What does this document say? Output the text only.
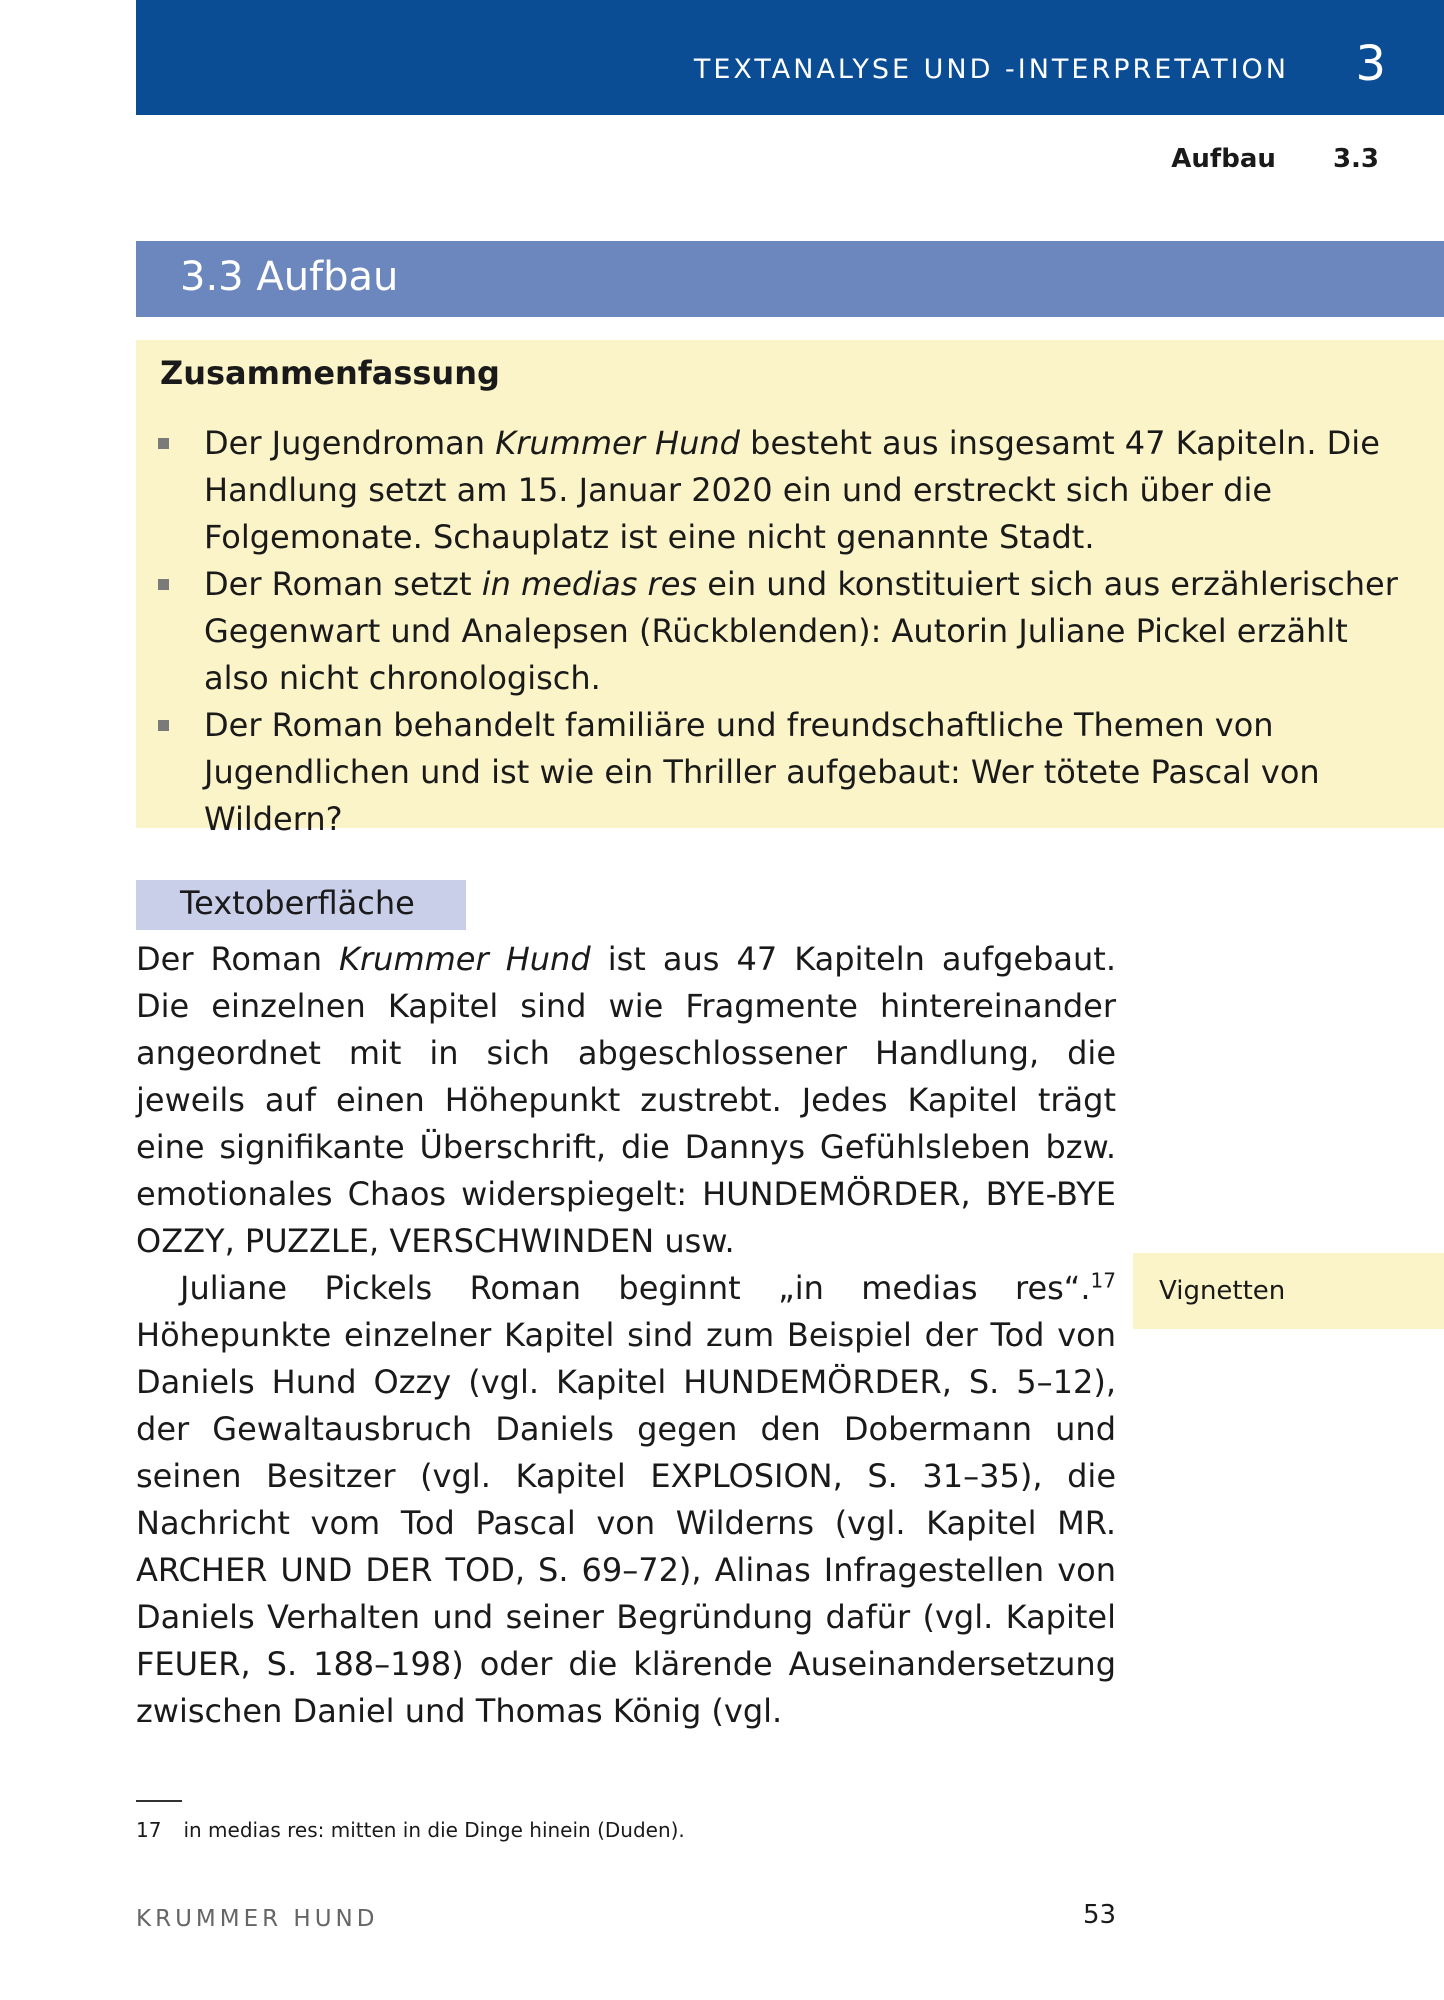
TEXTANALYSE UND -INTERPRETATION 3
Aufbau 3.3
3.3 Aufbau
Zusammenfassung
Der Jugendroman Krummer Hund besteht aus insgesamt 47 Kapiteln. Die Handlung setzt am 15. Januar 2020 ein und erstreckt sich über die Folgemonate. Schauplatz ist eine nicht genannte Stadt.
Der Roman setzt in medias res ein und konstituiert sich aus erzählerischer Gegenwart und Analepsen (Rückblenden): Autorin Juliane Pickel erzählt also nicht chronologisch.
Der Roman behandelt familiäre und freundschaftliche Themen von Jugendlichen und ist wie ein Thriller aufgebaut: Wer tötete Pascal von Wildern?
Textoberfläche

Der Roman Krummer Hund ist aus 47 Kapiteln aufgebaut. Die einzelnen Kapitel sind wie Fragmente hintereinander angeordnet mit in sich abgeschlossener Handlung, die jeweils auf einen Höhepunkt zustrebt. Jedes Kapitel trägt eine signifikante Überschrift, die Dannys Gefühlsleben bzw. emotionales Chaos widerspiegelt: HUNDEMÖRDER, BYE-BYE OZZY, PUZZLE, VERSCHWINDEN usw.

Juliane Pickels Roman beginnt „in medias res“.$^{17}$ Höhepunkte einzelner Kapitel sind zum Beispiel der Tod von Daniels Hund Ozzy (vgl. Kapitel HUNDEMÖRDER, S. 5–12), der Gewaltausbruch Daniels gegen den Dobermann und seinen Besitzer (vgl. Kapitel EXPLOSION, S. 31–35), die Nachricht vom Tod Pascal von Wilderns (vgl. Kapitel MR. ARCHER UND DER TOD, S. 69–72), Alinas Infragestellen von Daniels Verhalten und seiner Begründung dafür (vgl. Kapitel FEUER, S. 188–198) oder die klärende Auseinandersetzung zwischen Daniel und Thomas König (vgl.

Vignetten
17 in medias res: mitten in die Dinge hinein (Duden).
KRUMMER HUND	53
